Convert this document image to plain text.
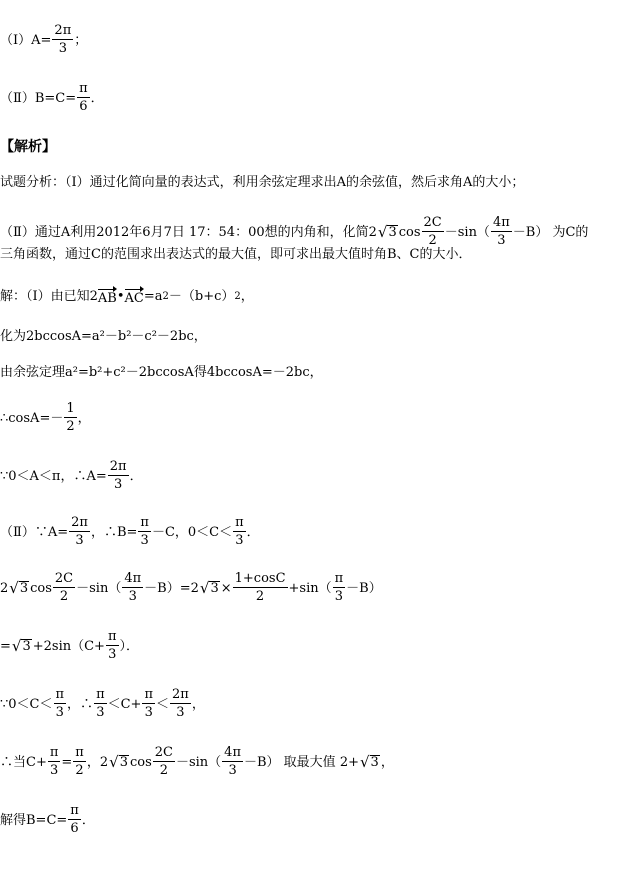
（Ⅰ）A= $\frac{2\pi}{3}$ ；
（Ⅱ）B=C= $\frac{\pi}{6}$ ．
【解析】
试题分析：（Ⅰ）通过化简向量的表达式，利用余弦定理求出A的余弦值，然后求角A的大小；
（Ⅱ）通过A利用2012年6月7日 17：54：00想的内角和，化简 2 √ 3 $\cos \frac{2C}{2} -\sin( \frac{4\pi}{3} -B)$ 为C的
三角函数，通过C的范围求出表达式的最大值，即可求出最大值时角B、C的大小．
解：（Ⅰ）由已知 2 AB • AC =a 2 －（b+c） 2 ，
化为2bccosA=a²－b²－c²－2bc，
由余弦定理a²=b²+c²－2bccosA得4bccosA=－2bc，
∴cosA=－ $\frac{1}{2}$ ，
∵0＜A＜π，∴A= $\frac{2\pi}{3}$ ．
（Ⅱ）∵A= $\frac{2\pi}{3}$ ，∴B= $\frac{\pi}{3} -C$，$0<C< \frac{\pi}{3}$ ．
2 √ 3 $\cos \frac{2C}{2} -\sin( \frac{4\pi}{3} -B)=2$ √ $3 \times \frac{1+\cos C}{2} +\sin( \frac{\pi}{3} -B)$
= √ $3 +2\sin(C+ \frac{\pi}{3}$ ）．
∵0＜C＜ $\frac{\pi}{3}$ ，∴ $\frac{\pi}{3} <C+ \frac{\pi}{3} < \frac{2\pi}{3}$ ，
∴当$C+ \frac{\pi}{3} = \frac{\pi}{2}$ ，2 √ 3 $\cos \frac{2C}{2} -\sin( \frac{4\pi}{3} -B)$ 取最大值 2+ √ 3 ，
解得$B=C= \frac{\pi}{6}$ ．
